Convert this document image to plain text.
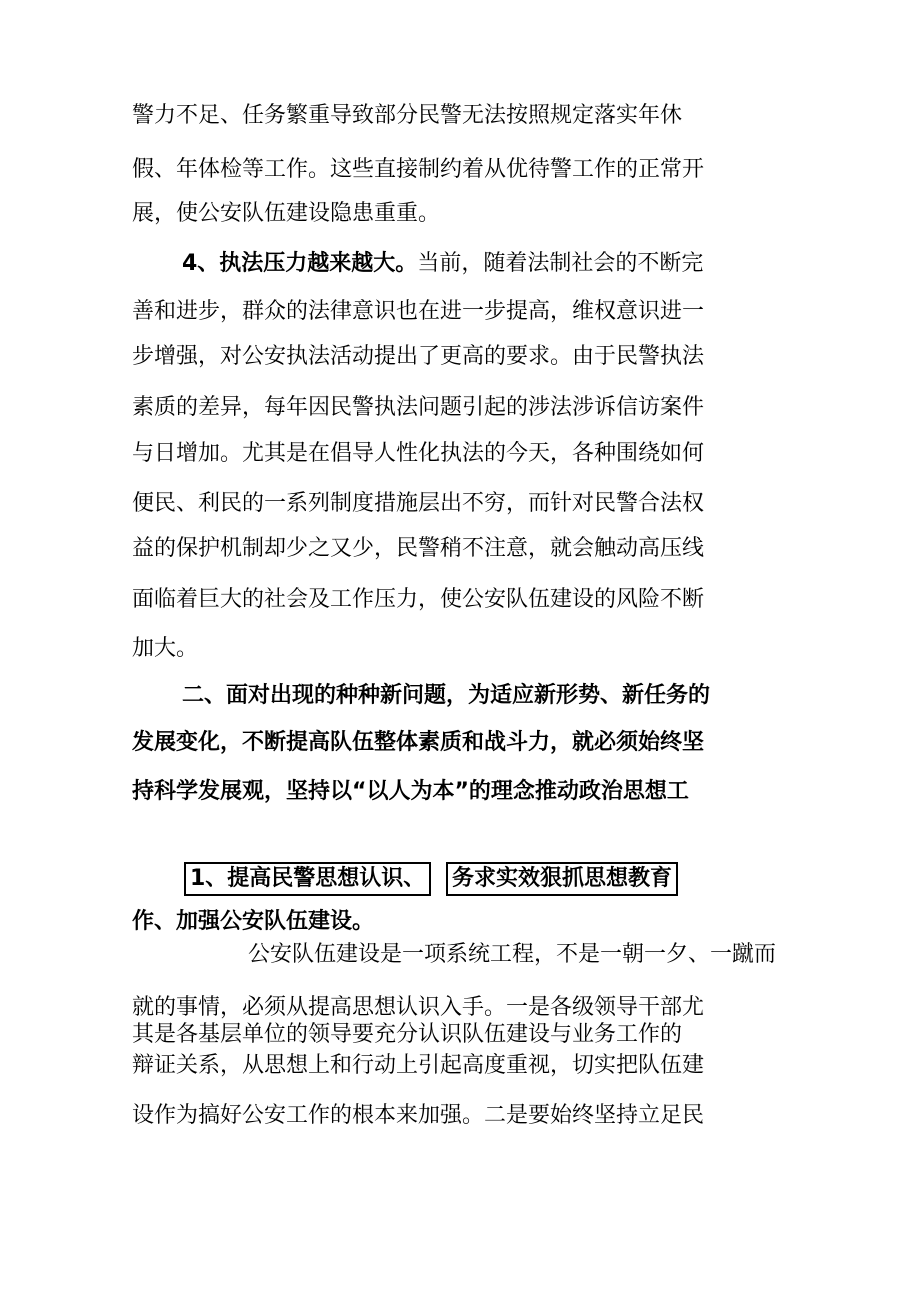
警力不足、任务繁重导致部分民警无法按照规定落实年休
假、年体检等工作。这些直接制约着从优待警工作的正常开
展，使公安队伍建设隐患重重。
4、执法压力越来越大。当前，随着法制社会的不断完
善和进步，群众的法律意识也在进一步提高，维权意识进一
步增强，对公安执法活动提出了更高的要求。由于民警执法
素质的差异，每年因民警执法问题引起的涉法涉诉信访案件
与日增加。尤其是在倡导人性化执法的今天，各种围绕如何
便民、利民的一系列制度措施层出不穷，而针对民警合法权
益的保护机制却少之又少，民警稍不注意，就会触动高压线
面临着巨大的社会及工作压力，使公安队伍建设的风险不断
加大。
二、面对出现的种种新问题，为适应新形势、新任务的
发展变化，不断提高队伍整体素质和战斗力，就必须始终坚
持科学发展观，坚持以“以人为本”的理念推动政治思想工
1、提高民警思想认识、 务求实效狠抓思想教育
作、加强公安队伍建设。
公安队伍建设是一项系统工程，不是一朝一夕、一蹴而
就的事情，必须从提高思想认识入手。一是各级领导干部尤
其是各基层单位的领导要充分认识队伍建设与业务工作的
辩证关系，从思想上和行动上引起高度重视，切实把队伍建
设作为搞好公安工作的根本来加强。二是要始终坚持立足民
